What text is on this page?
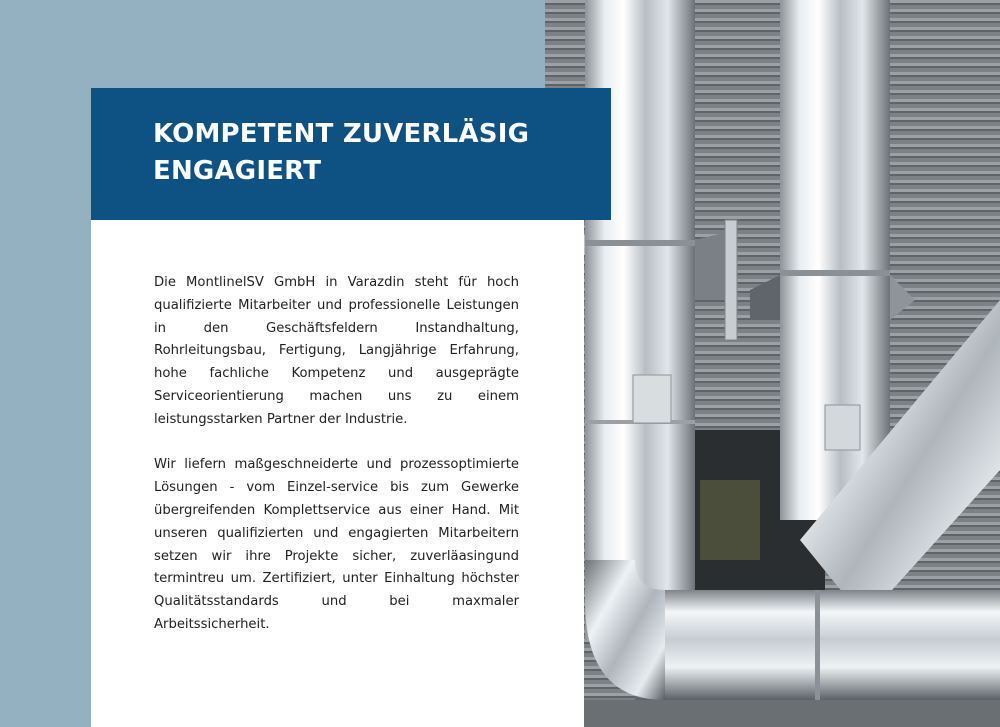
KOMPETENT ZUVERLÄSIG
ENGAGIERT

Die MontlinelSV GmbH in Varazdin steht für hoch qualifizierte Mitarbeiter und professionelle Leistungen in den Geschäftsfeldern Instandhaltung, Rohrleitungsbau, Fertigung, Langjährige Erfahrung, hohe fachliche Kompetenz und ausgeprägte Serviceorientierung machen uns zu einem leistungsstarken Partner der Industrie.

Wir liefern maßgeschneiderte und prozessoptimierte Lösungen - vom Einzel-service bis zum Gewerke übergreifenden Komplettservice aus einer Hand. Mit unseren qualifizierten und engagierten Mitarbeitern setzen wir ihre Projekte sicher, zuverläasingund termintreu um. Zertifiziert, unter Einhaltung höchster Qualitätsstandards und bei maxmaler Arbeitssicherheit.
